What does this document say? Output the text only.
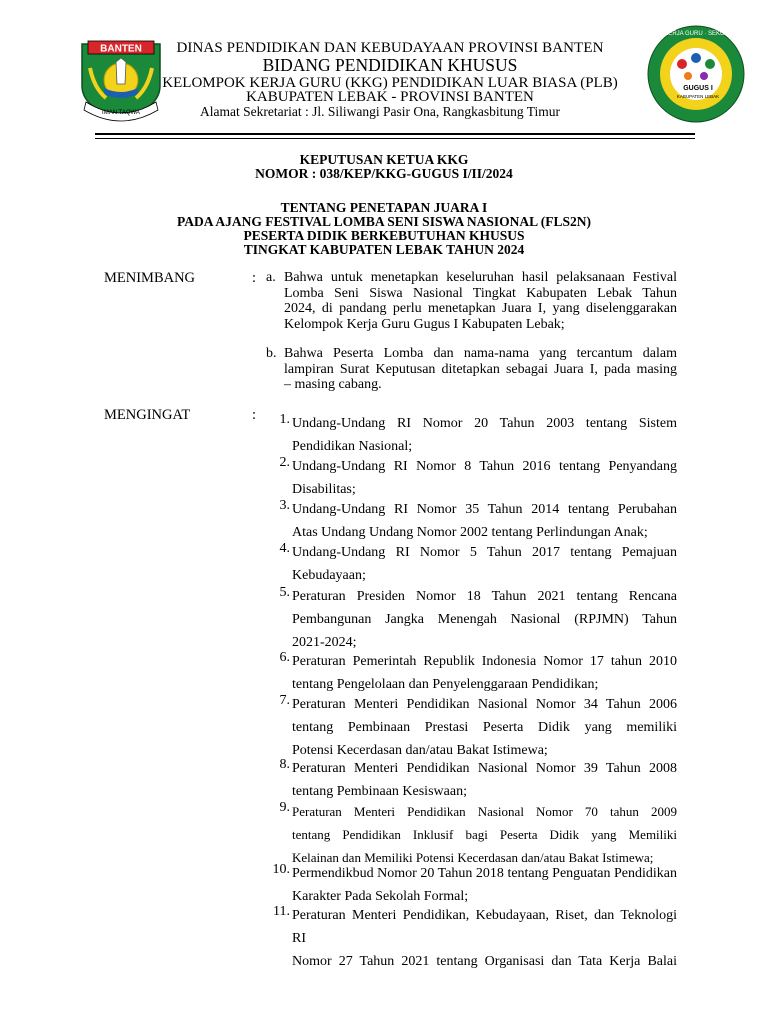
BANTEN
IMAN TAQWA
KELOMPOK KERJA GURU · SEKOLAH KHUSUS
GUGUS I
KABUPATEN LEBAK
DINAS PENDIDIKAN DAN KEBUDAYAAN PROVINSI BANTEN
BIDANG PENDIDIKAN KHUSUS
KELOMPOK KERJA GURU (KKG) PENDIDIKAN LUAR BIASA (PLB)
KABUPATEN LEBAK - PROVINSI BANTEN
Alamat Sekretariat : Jl. Siliwangi Pasir Ona, Rangkasbitung Timur
KEPUTUSAN KETUA KKG
NOMOR : 038/KEP/KKG-GUGUS I/II/2024
TENTANG PENETAPAN JUARA I
PADA AJANG FESTIVAL LOMBA SENI SISWA NASIONAL (FLS2N)
PESERTA DIDIK BERKEBUTUHAN KHUSUS
TINGKAT KABUPATEN LEBAK TAHUN 2024
MENIMBANG	: a. Bahwa untuk menetapkan keseluruhan hasil pelaksanaan Festival
Lomba Seni Siswa Nasional Tingkat Kabupaten Lebak Tahun
2024, di pandang perlu menetapkan Juara I, yang diselenggarakan
Kelompok Kerja Guru Gugus I Kabupaten Lebak;
b. Bahwa Peserta Lomba dan nama-nama yang tercantum dalam
lampiran Surat Keputusan ditetapkan sebagai Juara I, pada masing
– masing cabang.
MENGINGAT	:	1. Undang-Undang RI Nomor 20 Tahun 2003 tentang Sistem
Pendidikan Nasional;
2. Undang-Undang RI Nomor 8 Tahun 2016 tentang Penyandang
Disabilitas;
3. Undang-Undang RI Nomor 35 Tahun 2014 tentang Perubahan
Atas Undang Undang Nomor 2002 tentang Perlindungan Anak;
4. Undang-Undang RI Nomor 5 Tahun 2017 tentang Pemajuan
Kebudayaan;
5. Peraturan Presiden Nomor 18 Tahun 2021 tentang Rencana
Pembangunan Jangka Menengah Nasional (RPJMN) Tahun
2021-2024;
6. Peraturan Pemerintah Republik Indonesia Nomor 17 tahun 2010
tentang Pengelolaan dan Penyelenggaraan Pendidikan;
7. Peraturan Menteri Pendidikan Nasional Nomor 34 Tahun 2006
tentang Pembinaan Prestasi Peserta Didik yang memiliki
Potensi Kecerdasan dan/atau Bakat Istimewa;
8. Peraturan Menteri Pendidikan Nasional Nomor 39 Tahun 2008
tentang Pembinaan Kesiswaan;
9. Peraturan Menteri Pendidikan Nasional Nomor 70 tahun 2009
tentang Pendidikan Inklusif bagi Peserta Didik yang Memiliki
Kelainan dan Memiliki Potensi Kecerdasan dan/atau Bakat Istimewa;
10. Permendikbud Nomor 20 Tahun 2018 tentang Penguatan Pendidikan
Karakter Pada Sekolah Formal;
11. Peraturan Menteri Pendidikan, Kebudayaan, Riset, dan Teknologi RI
Nomor 27 Tahun 2021 tentang Organisasi dan Tata Kerja Balai
